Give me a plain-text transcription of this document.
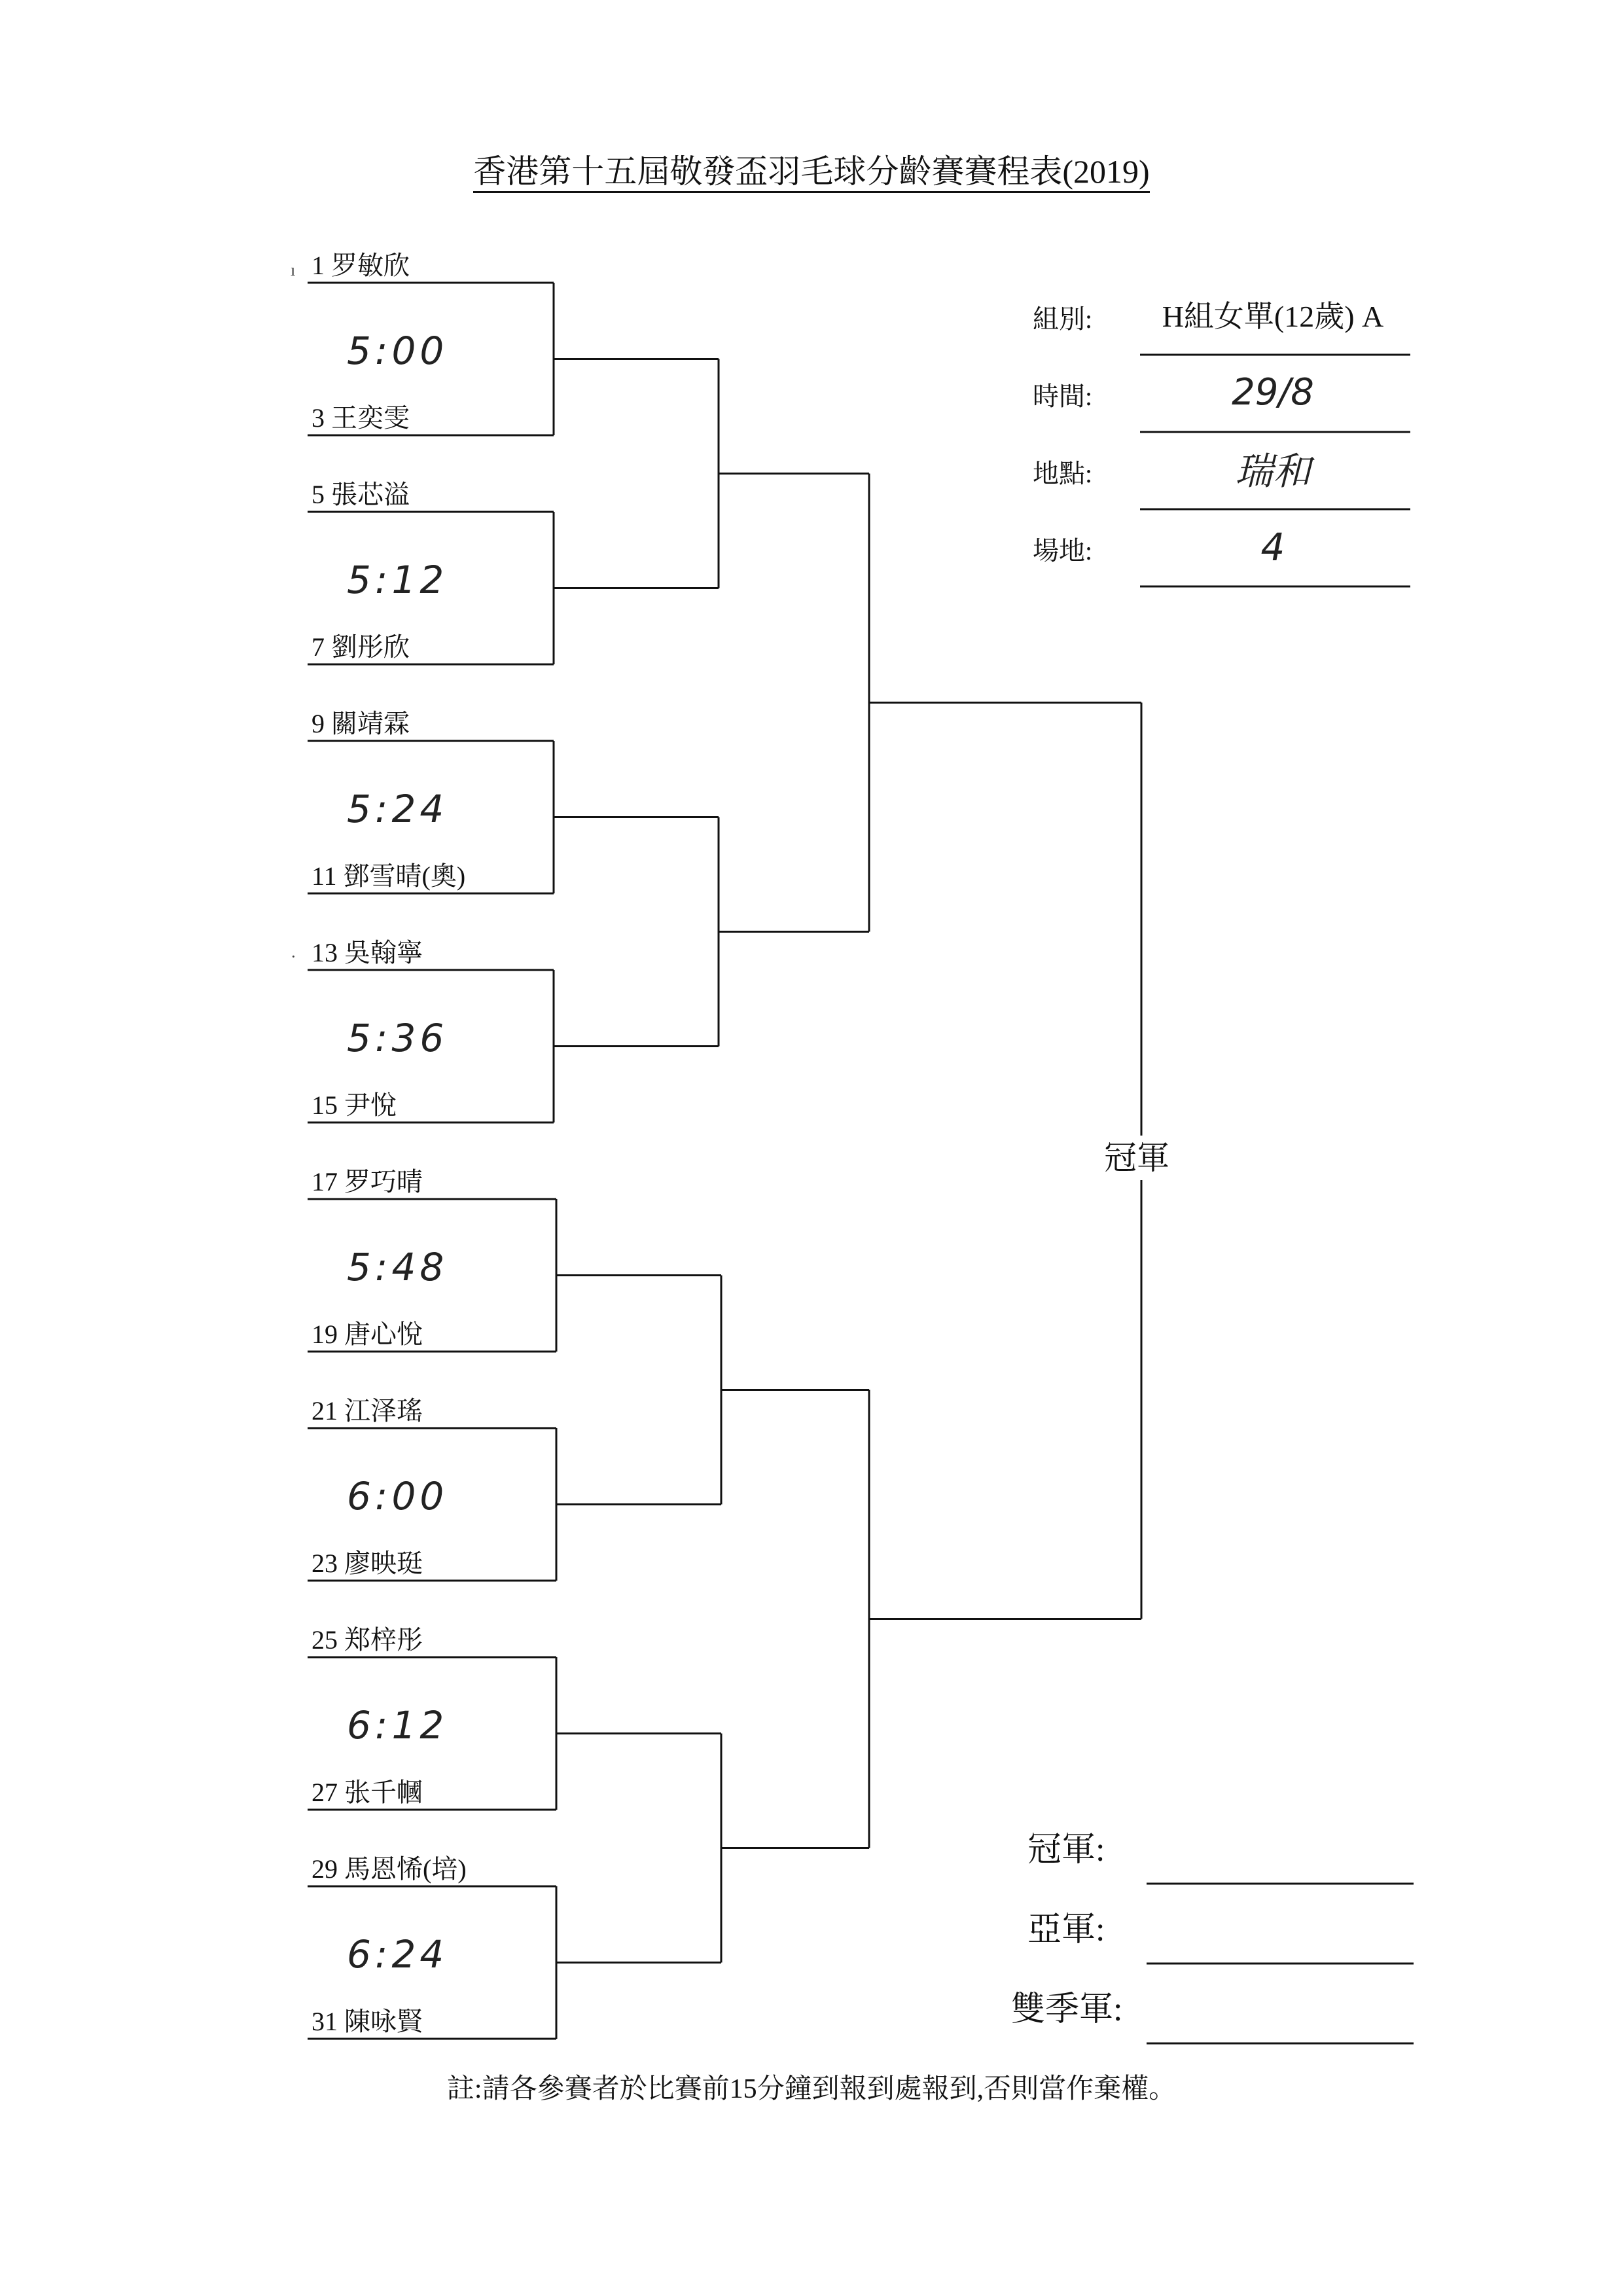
香港第十五屆敬發盃羽毛球分齡賽賽程表(2019)
1 罗敏欣
3 王奕雯
5:00
5 張芯溢
7 劉彤欣
5:12
9 關靖霖
11 鄧雪晴(奧)
5:24
13 吳翰寧
15 尹悅
5:36
17 罗巧晴
19 唐心悅
5:48
21 江泽瑤
23 廖映珽
6:00
25 郑梓彤
27 张千幗
6:12
29 馬恩悕(培)
31 陳咏賢
6:24
組別:	H組女單(12歲) A
時間:	29/8
地點:	瑞和
場地:	4
冠軍
冠軍:
亞軍:
雙季軍:
ı
·
註:請各參賽者於比賽前15分鐘到報到處報到,否則當作棄權。
